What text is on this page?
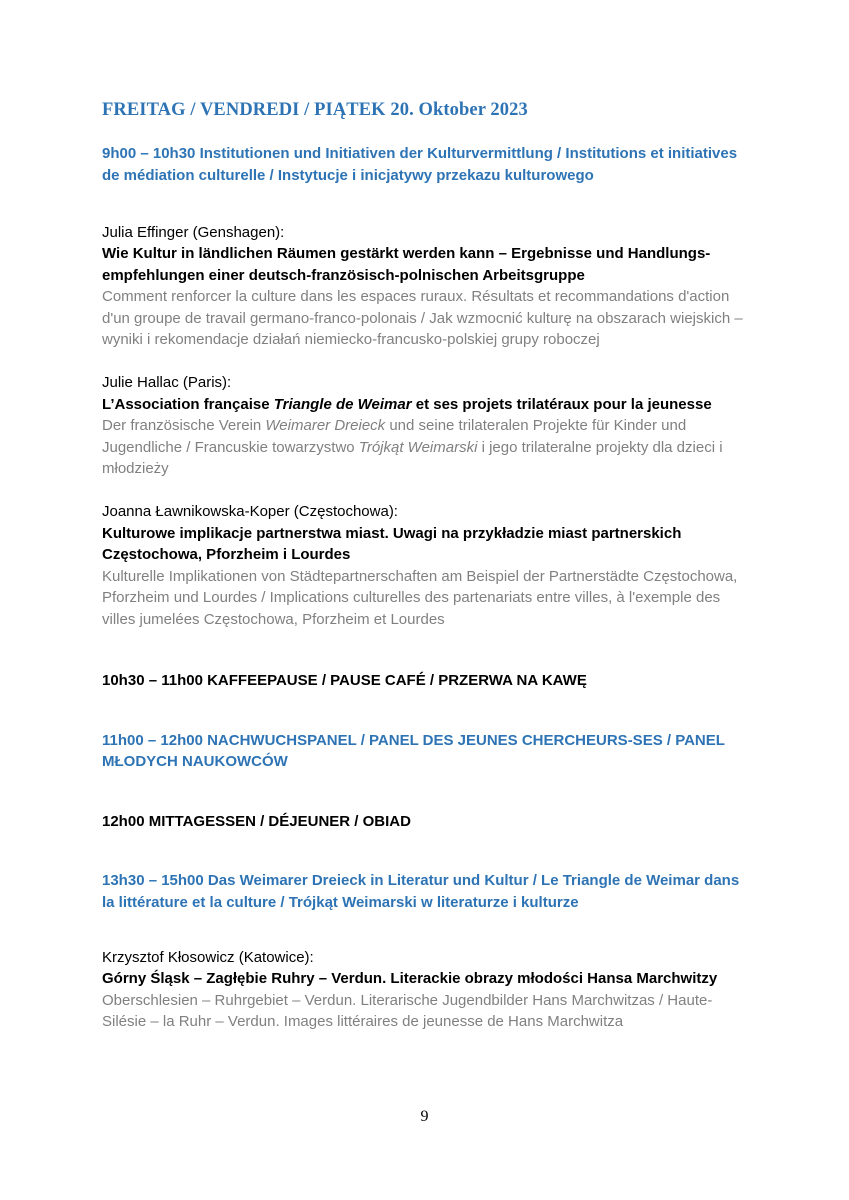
FREITAG / VENDREDI / PIĄTEK 20. Oktober 2023

9h00 – 10h30 Institutionen und Initiativen der Kulturvermittlung / Institutions et initiatives de médiation culturelle / Instytucje i inicjatywy przekazu kulturowego

Julia Effinger (Genshagen):

Wie Kultur in ländlichen Räumen gestärkt werden kann – Ergebnisse und Handlungs-empfehlungen einer deutsch-französisch-polnischen Arbeitsgruppe

Comment renforcer la culture dans les espaces ruraux. Résultats et recommandations d'action d'un groupe de travail germano-franco-polonais / Jak wzmocnić kulturę na obszarach wiejskich – wyniki i rekomendacje działań niemiecko-francusko-polskiej grupy roboczej

Julie Hallac (Paris):

L’Association française Triangle de Weimar et ses projets trilatéraux pour la jeunesse

Der französische Verein Weimarer Dreieck und seine trilateralen Projekte für Kinder und Jugendliche / Francuskie towarzystwo Trójkąt Weimarski i jego trilateralne projekty dla dzieci i młodzieży

Joanna Ławnikowska-Koper (Częstochowa):

Kulturowe implikacje partnerstwa miast. Uwagi na przykładzie miast partnerskich Częstochowa, Pforzheim i Lourdes

Kulturelle Implikationen von Städtepartnerschaften am Beispiel der Partnerstädte Częstochowa, Pforzheim und Lourdes / Implications culturelles des partenariats entre villes, à l'exemple des villes jumelées Częstochowa, Pforzheim et Lourdes

10h30 – 11h00 KAFFEEPAUSE / PAUSE CAFÉ / PRZERWA NA KAWĘ

11h00 – 12h00 NACHWUCHSPANEL / PANEL DES JEUNES CHERCHEURS-SES / PANEL MŁODYCH NAUKOWCÓW

12h00 MITTAGESSEN / DÉJEUNER / OBIAD

13h30 – 15h00 Das Weimarer Dreieck in Literatur und Kultur / Le Triangle de Weimar dans la littérature et la culture / Trójkąt Weimarski w literaturze i kulturze

Krzysztof Kłosowicz (Katowice):

Górny Śląsk – Zagłębie Ruhry – Verdun. Literackie obrazy młodości Hansa Marchwitzy

Oberschlesien – Ruhrgebiet – Verdun. Literarische Jugendbilder Hans Marchwitzas / Haute-Silésie – la Ruhr – Verdun. Images littéraires de jeunesse de Hans Marchwitza

9
